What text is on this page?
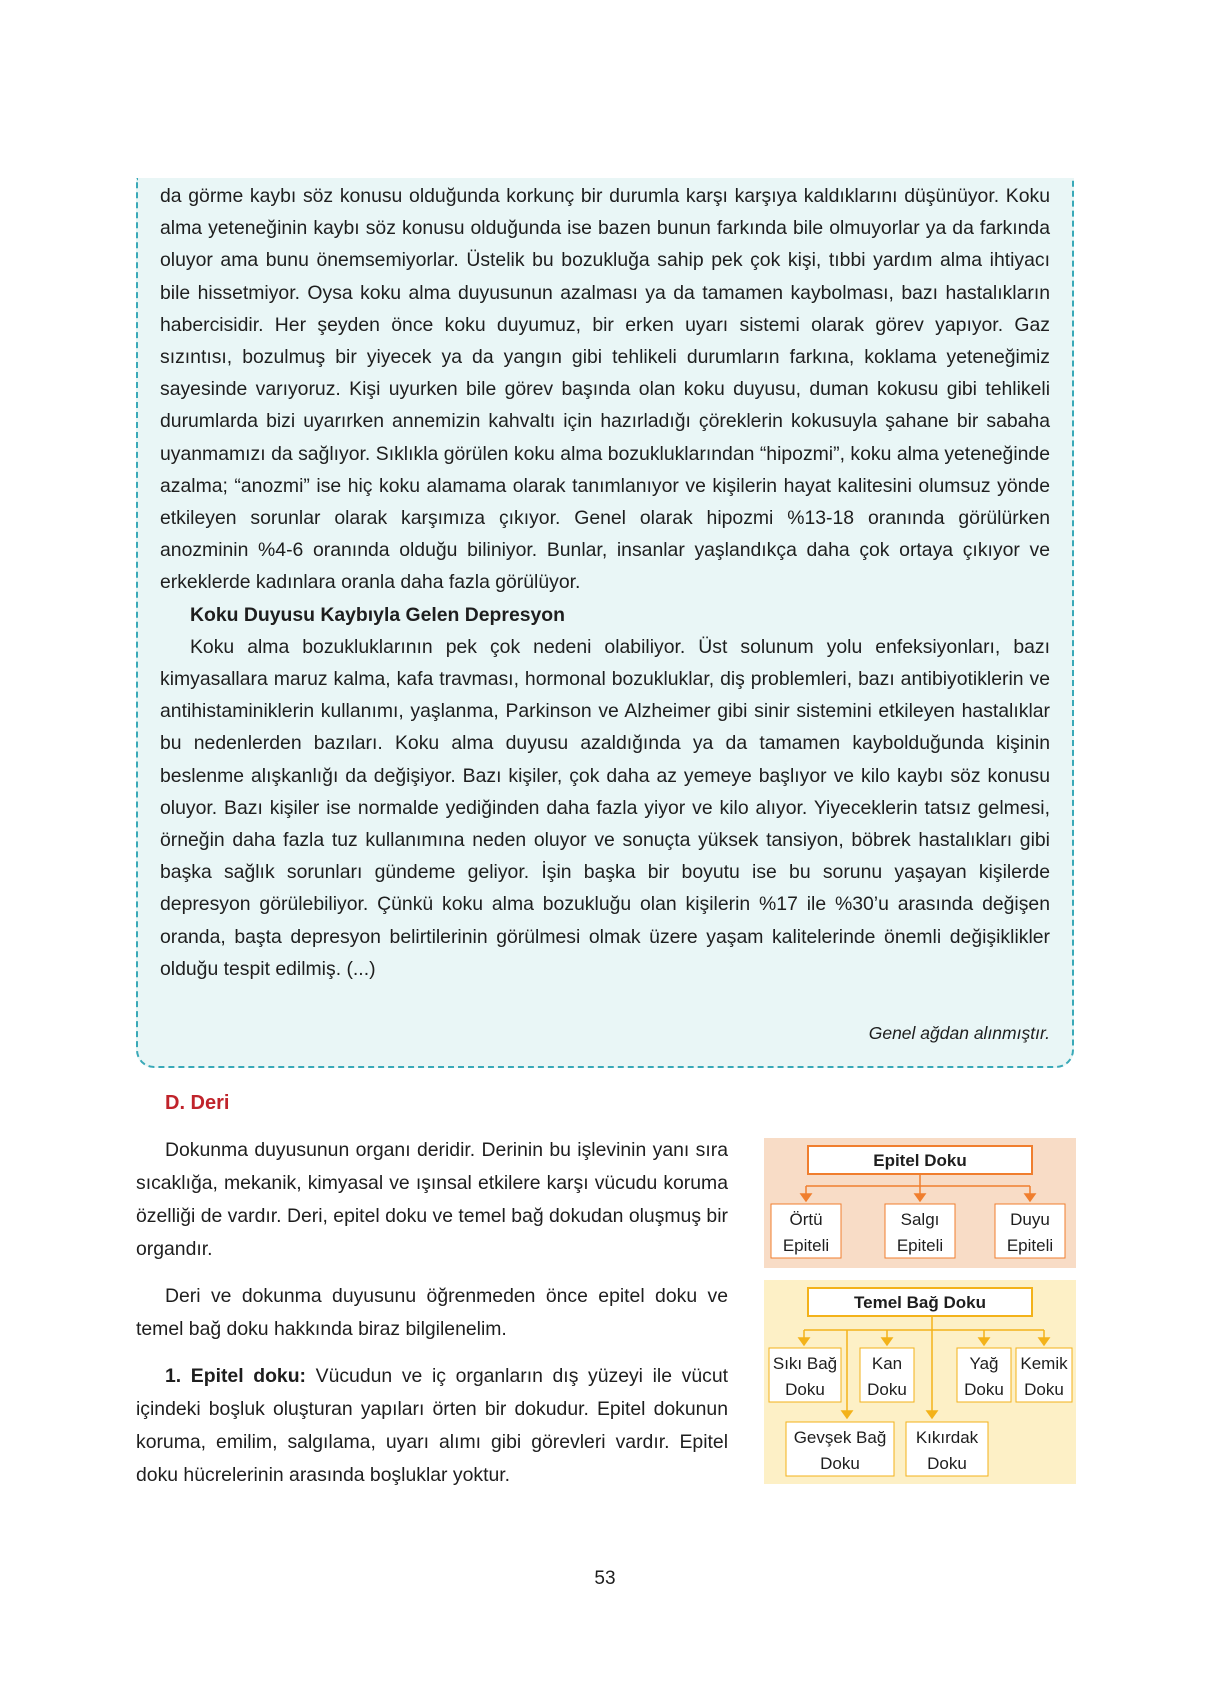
da görme kaybı söz konusu olduğunda korkunç bir durumla karşı karşıya kaldıklarını düşünüyor. Koku alma yeteneğinin kaybı söz konusu olduğunda ise bazen bunun farkında bile olmuyorlar ya da farkında oluyor ama bunu önemsemiyorlar. Üstelik bu bozukluğa sahip pek çok kişi, tıbbi yardım alma ihtiyacı bile hissetmiyor. Oysa koku alma duyusunun azalması ya da tamamen kaybolması, bazı hastalıkların habercisidir. Her şeyden önce koku duyumuz, bir erken uyarı sistemi olarak görev yapıyor. Gaz sızıntısı, bozulmuş bir yiyecek ya da yangın gibi tehlikeli durumların farkına, koklama yeteneğimiz sayesinde varıyoruz. Kişi uyurken bile görev başında olan koku duyusu, duman kokusu gibi tehlikeli durumlarda bizi uyarırken annemizin kahvaltı için hazırladığı çöreklerin kokusuyla şahane bir sabaha uyanmamızı da sağlıyor. Sıklıkla görülen koku alma bozukluklarından “hipozmi”, koku alma yeteneğinde azalma; “anozmi” ise hiç koku alamama olarak tanımlanıyor ve kişilerin hayat kalitesini olumsuz yönde etkileyen sorunlar olarak karşımıza çıkıyor. Genel olarak hipozmi %13-18 oranında görülürken anozminin %4-6 oranında olduğu biliniyor. Bunlar, insanlar yaşlandıkça daha çok ortaya çıkıyor ve erkeklerde kadınlara oranla daha fazla görülüyor.

Koku Duyusu Kaybıyla Gelen Depresyon

Koku alma bozukluklarının pek çok nedeni olabiliyor. Üst solunum yolu enfeksiyonları, bazı kimyasallara maruz kalma, kafa travması, hormonal bozukluklar, diş problemleri, bazı antibiyotiklerin ve antihistaminiklerin kullanımı, yaşlanma, Parkinson ve Alzheimer gibi sinir sistemini etkileyen hastalıklar bu nedenlerden bazıları. Koku alma duyusu azaldığında ya da tamamen kaybolduğunda kişinin beslenme alışkanlığı da değişiyor. Bazı kişiler, çok daha az yemeye başlıyor ve kilo kaybı söz konusu oluyor. Bazı kişiler ise normalde yediğinden daha fazla yiyor ve kilo alıyor. Yiyeceklerin tatsız gelmesi, örneğin daha fazla tuz kullanımına neden oluyor ve sonuçta yüksek tansiyon, böbrek hastalıkları gibi başka sağlık sorunları gündeme geliyor. İşin başka bir boyutu ise bu sorunu yaşayan kişilerde depresyon görülebiliyor. Çünkü koku alma bozukluğu olan kişilerin %17 ile %30’u arasında değişen oranda, başta depresyon belirtilerinin görülmesi olmak üzere yaşam kalitelerinde önemli değişiklikler olduğu tespit edilmiş. (...)

Genel ağdan alınmıştır.
D. Deri

Dokunma duyusunun organı deridir. Derinin bu işlevinin yanı sıra sıcaklığa, mekanik, kimyasal ve ışınsal etkilere karşı vücudu koruma özelliği de vardır. Deri, epitel doku ve temel bağ dokudan oluşmuş bir organdır.

Deri ve dokunma duyusunu öğrenmeden önce epitel doku ve temel bağ doku hakkında biraz bilgilenelim.

1. Epitel doku: Vücudun ve iç organların dış yüzeyi ile vücut içindeki boşluk oluşturan yapıları örten bir dokudur. Epitel dokunun koruma, emilim, salgılama, uyarı alımı gibi görevleri vardır. Epitel doku hücrelerinin arasında boşluklar yoktur.

Epitel Doku
Örtü
Epiteli
Salgı
Epiteli
Duyu
Epiteli
Temel Bağ Doku
Sıkı Bağ
Doku
Kan
Doku
Yağ
Doku
Kemik
Doku
Gevşek Bağ
Doku
Kıkırdak
Doku
53
